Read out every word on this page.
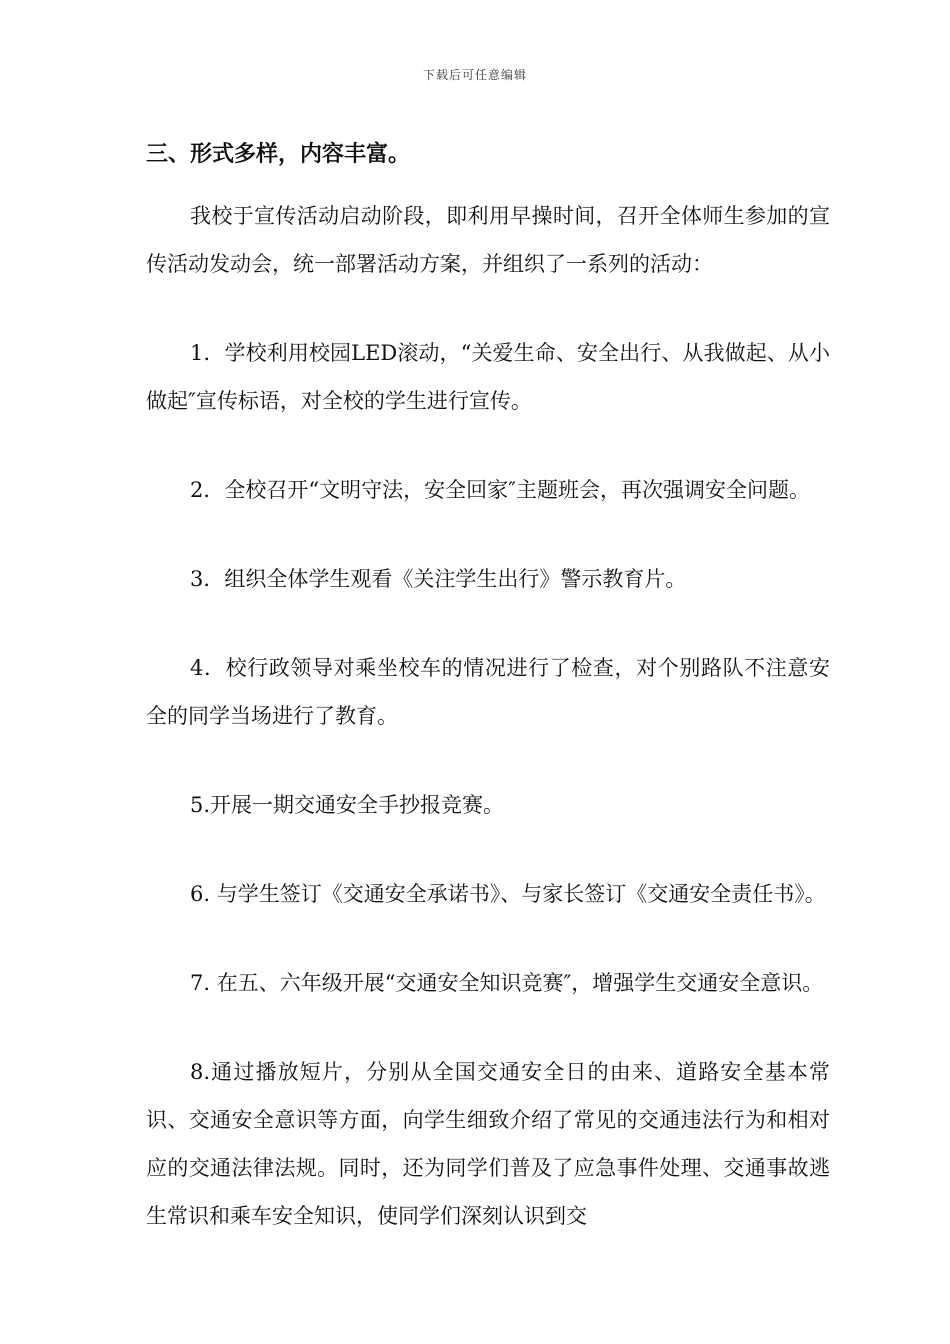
下载后可任意编辑
三、形式多样，内容丰富。

我校于宣传活动启动阶段，即利用早操时间，召开全体师生参加的宣传活动发动会，统一部署活动方案，并组织了一系列的活动：

1．学校利用校园LED滚动，“关爱生命、安全出行、从我做起、从小做起″宣传标语，对全校的学生进行宣传。

2．全校召开“文明守法，安全回家″主题班会，再次强调安全问题。

3．组织全体学生观看《关注学生出行》警示教育片。

4．校行政领导对乘坐校车的情况进行了检查，对个别路队不注意安全的同学当场进行了教育。

5.开展一期交通安全手抄报竞赛。

6. 与学生签订《交通安全承诺书》、与家长签订《交通安全责任书》。

7. 在五、六年级开展“交通安全知识竞赛″，增强学生交通安全意识。

8.通过播放短片，分别从全国交通安全日的由来、道路安全基本常识、交通安全意识等方面，向学生细致介绍了常见的交通违法行为和相对应的交通法律法规。同时，还为同学们普及了应急事件处理、交通事故逃生常识和乘车安全知识，使同学们深刻认识到交
